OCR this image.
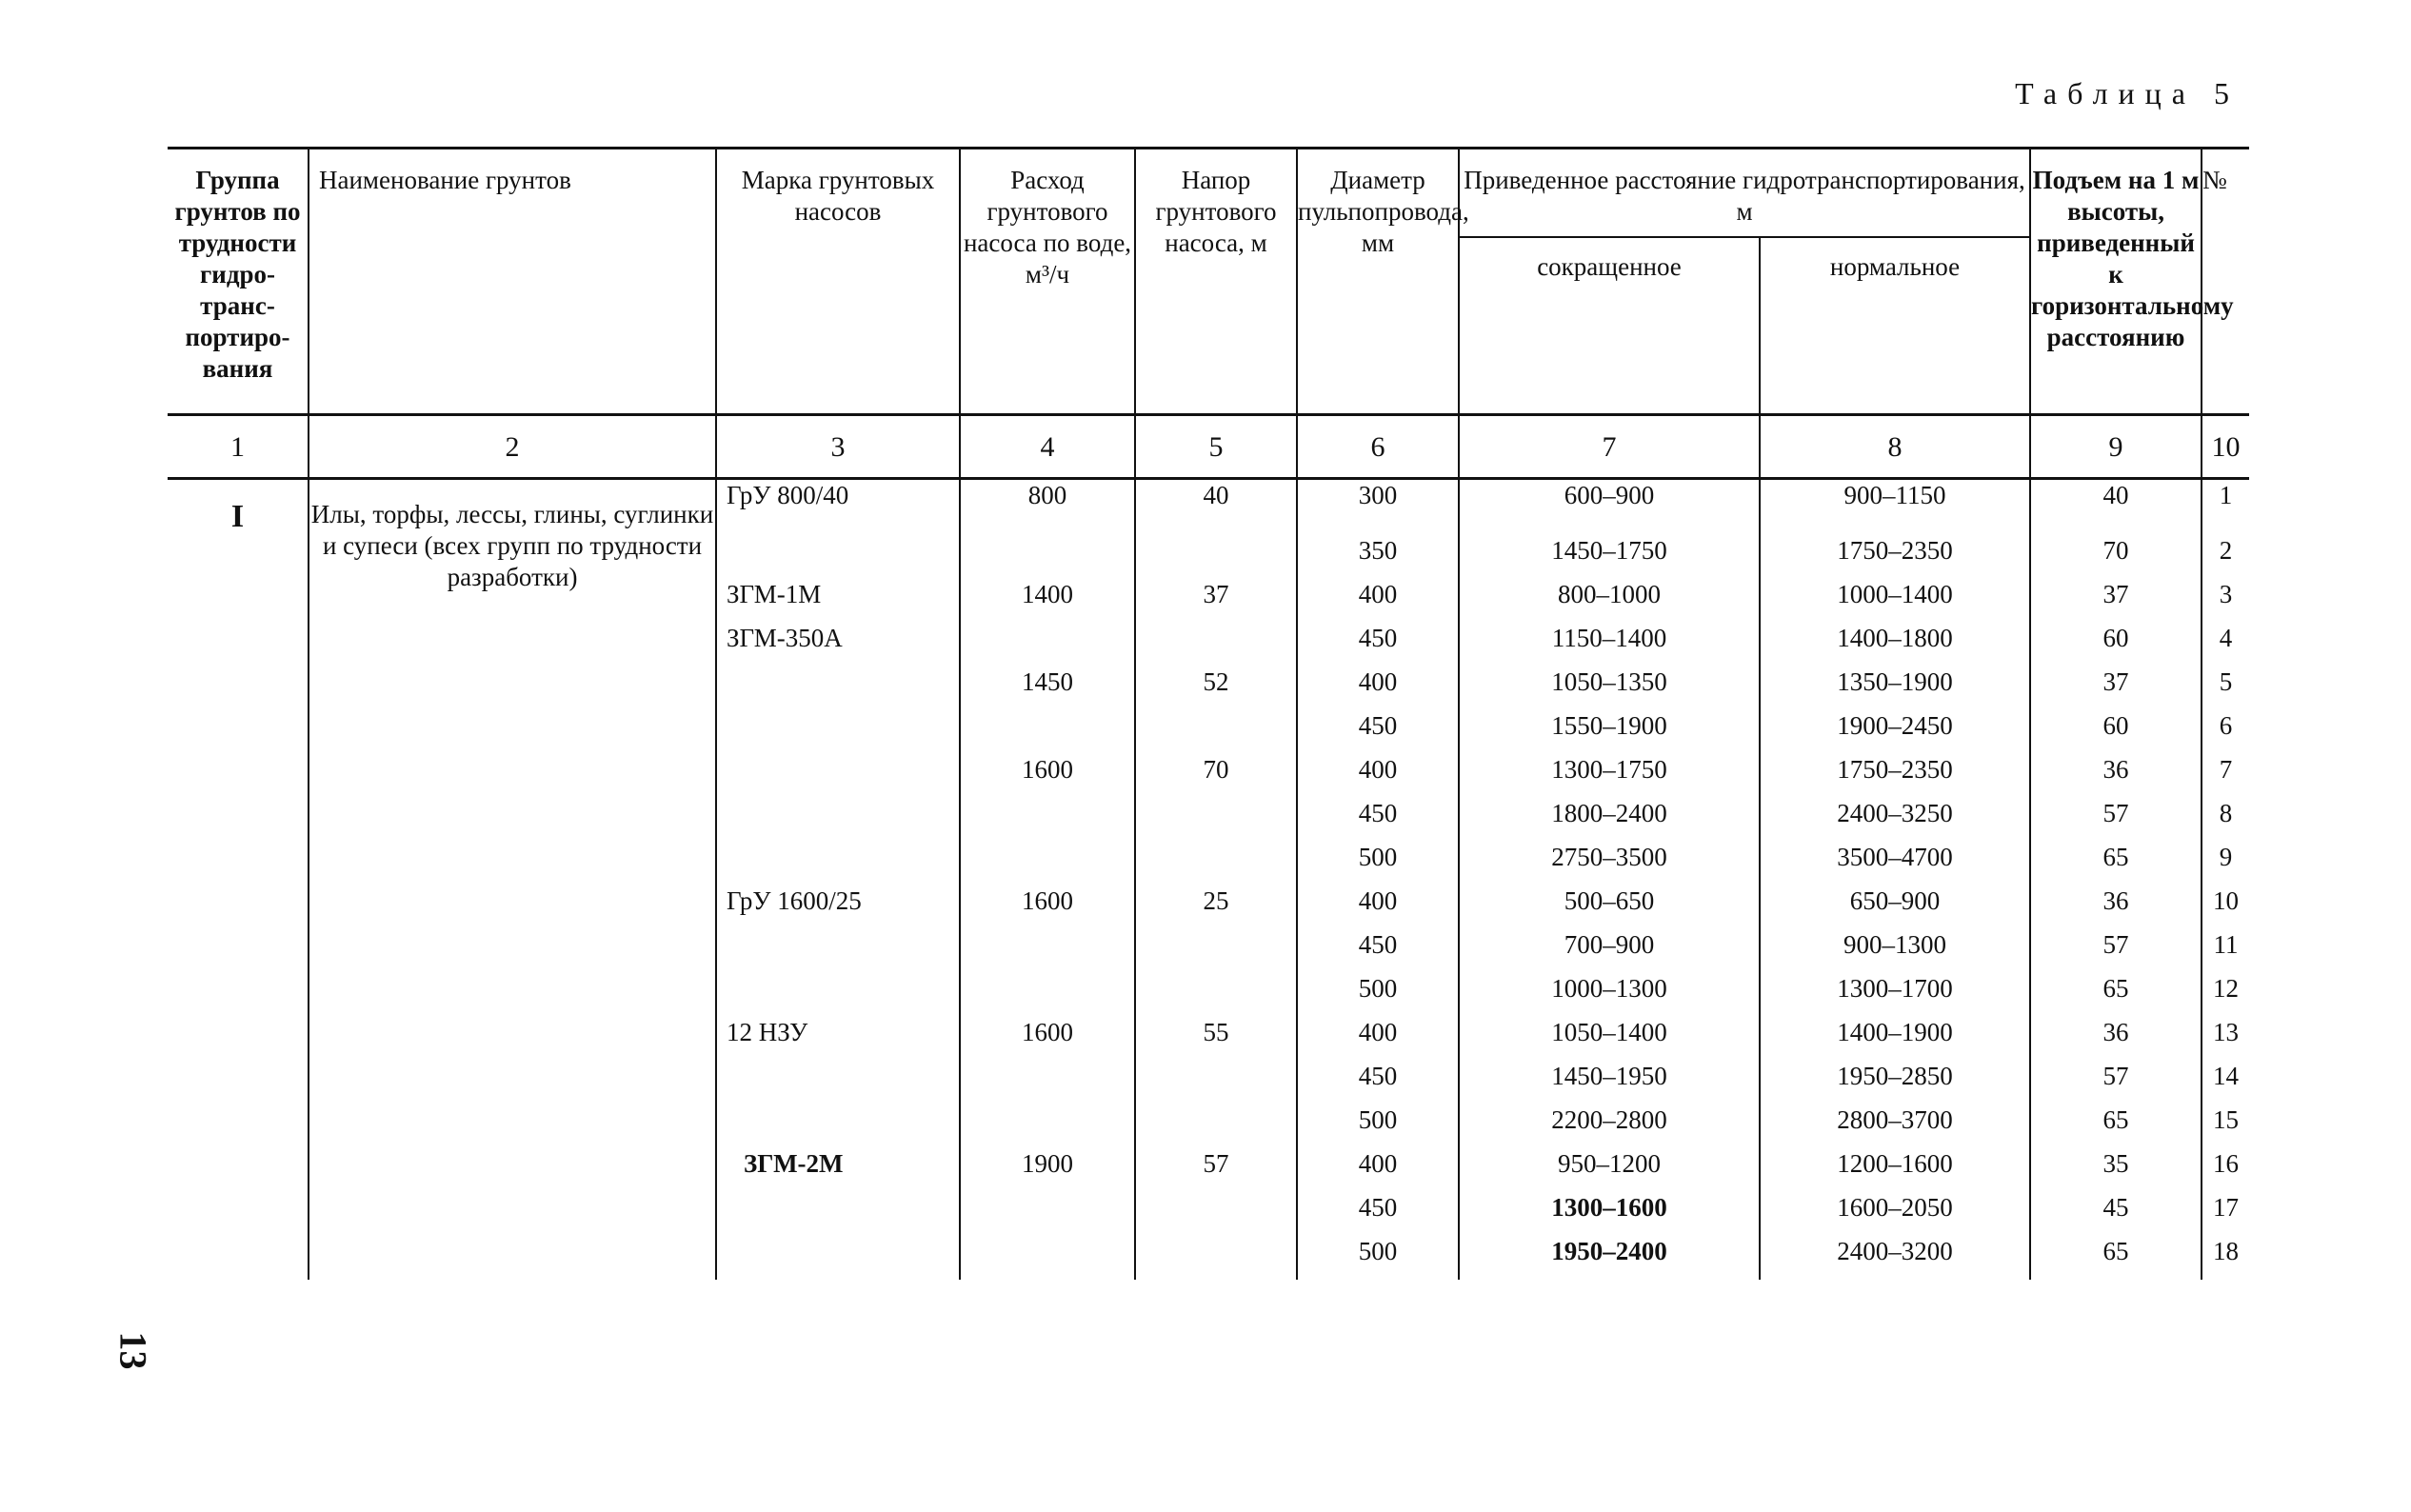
Таблица 5
13
Группа грунтов по трудности гидро-транс-портиро-вания	Наименование грунтов	Марка грунтовых насосов	Расход грунтового насоса по воде, м³/ч	Напор грунтового насоса, м	Диаметр пульпопровода, мм	Приведенное расстояние гидротранспортирования, м		Подъем на 1 м высоты, приведенный к горизонтальному расстоянию	№
						сокращенное	нормальное		
1	2	3	4	5	6	7	8	9	10
I	Илы, торфы, лессы, глины, суглинки и супеси (всех групп по трудности разработки)	ГрУ 800/40	800	40	300	600–900	900–1150	40	1
					350	1450–1750	1750–2350	70	2
		ЗГМ-1М	1400	37	400	800–1000	1000–1400	37	3
		ЗГМ-350А			450	1150–1400	1400–1800	60	4
			1450	52	400	1050–1350	1350–1900	37	5
					450	1550–1900	1900–2450	60	6
			1600	70	400	1300–1750	1750–2350	36	7
					450	1800–2400	2400–3250	57	8
					500	2750–3500	3500–4700	65	9
		ГрУ 1600/25	1600	25	400	500–650	650–900	36	10
					450	700–900	900–1300	57	11
					500	1000–1300	1300–1700	65	12
		12 НЗУ	1600	55	400	1050–1400	1400–1900	36	13
					450	1450–1950	1950–2850	57	14
					500	2200–2800	2800–3700	65	15
		ЗГМ-2М	1900	57	400	950–1200	1200–1600	35	16
					450	1300–1600	1600–2050	45	17
					500	1950–2400	2400–3200	65	18
